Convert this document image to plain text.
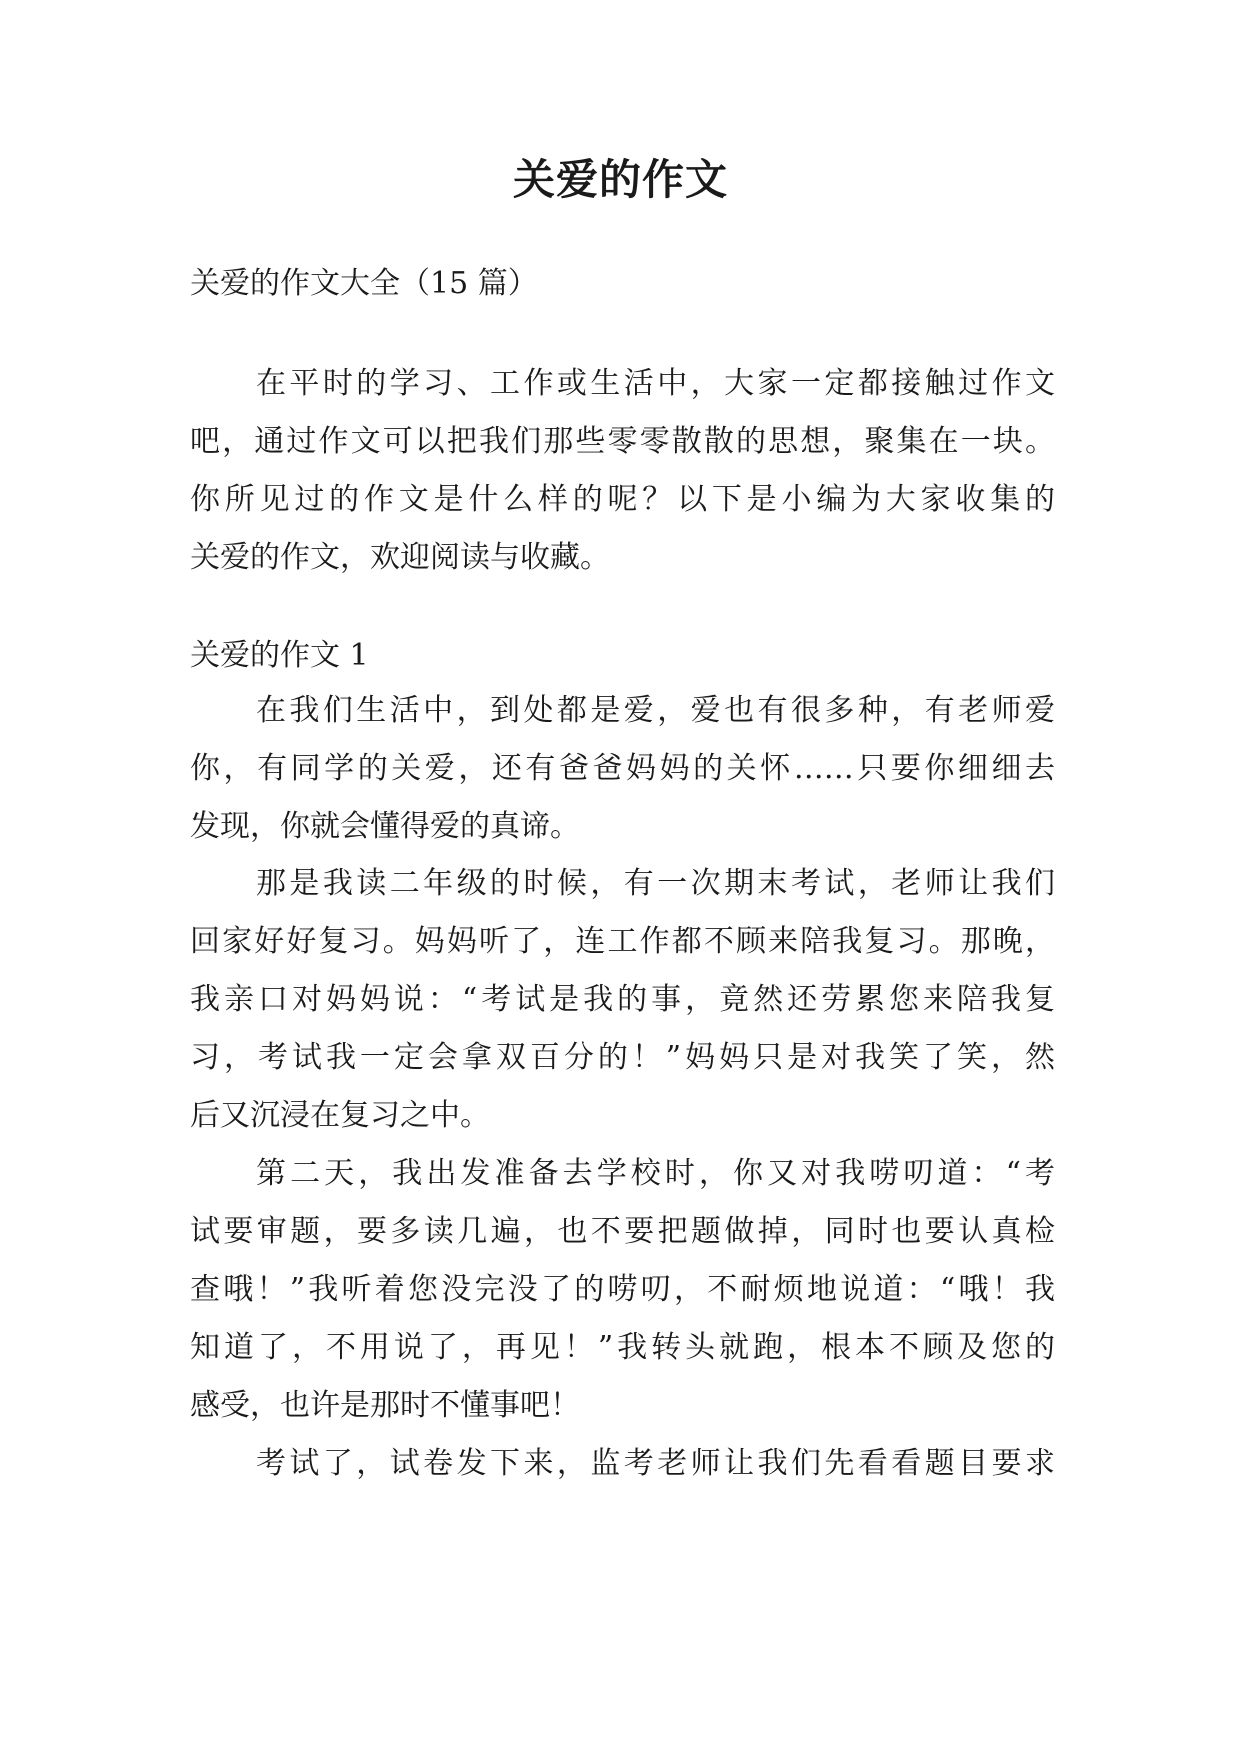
关爱的作文
关爱的作文大全（15 篇）
在平时的学习、工作或生活中，大家一定都接触过作文
吧，通过作文可以把我们那些零零散散的思想，聚集在一块。
你所见过的作文是什么样的呢？以下是小编为大家收集的
关爱的作文，欢迎阅读与收藏。
关爱的作文 1
在我们生活中，到处都是爱，爱也有很多种，有老师爱
你，有同学的关爱，还有爸爸妈妈的关怀……只要你细细去
发现，你就会懂得爱的真谛。
那是我读二年级的时候，有一次期末考试，老师让我们
回家好好复习。妈妈听了，连工作都不顾来陪我复习。那晚，
我亲口对妈妈说：“考试是我的事，竟然还劳累您来陪我复
习，考试我一定会拿双百分的！”妈妈只是对我笑了笑，然
后又沉浸在复习之中。
第二天，我出发准备去学校时，你又对我唠叨道：“考
试要审题，要多读几遍，也不要把题做掉，同时也要认真检
查哦！”我听着您没完没了的唠叨，不耐烦地说道：“哦！我
知道了，不用说了，再见！”我转头就跑，根本不顾及您的
感受，也许是那时不懂事吧！
考试了，试卷发下来，监考老师让我们先看看题目要求
